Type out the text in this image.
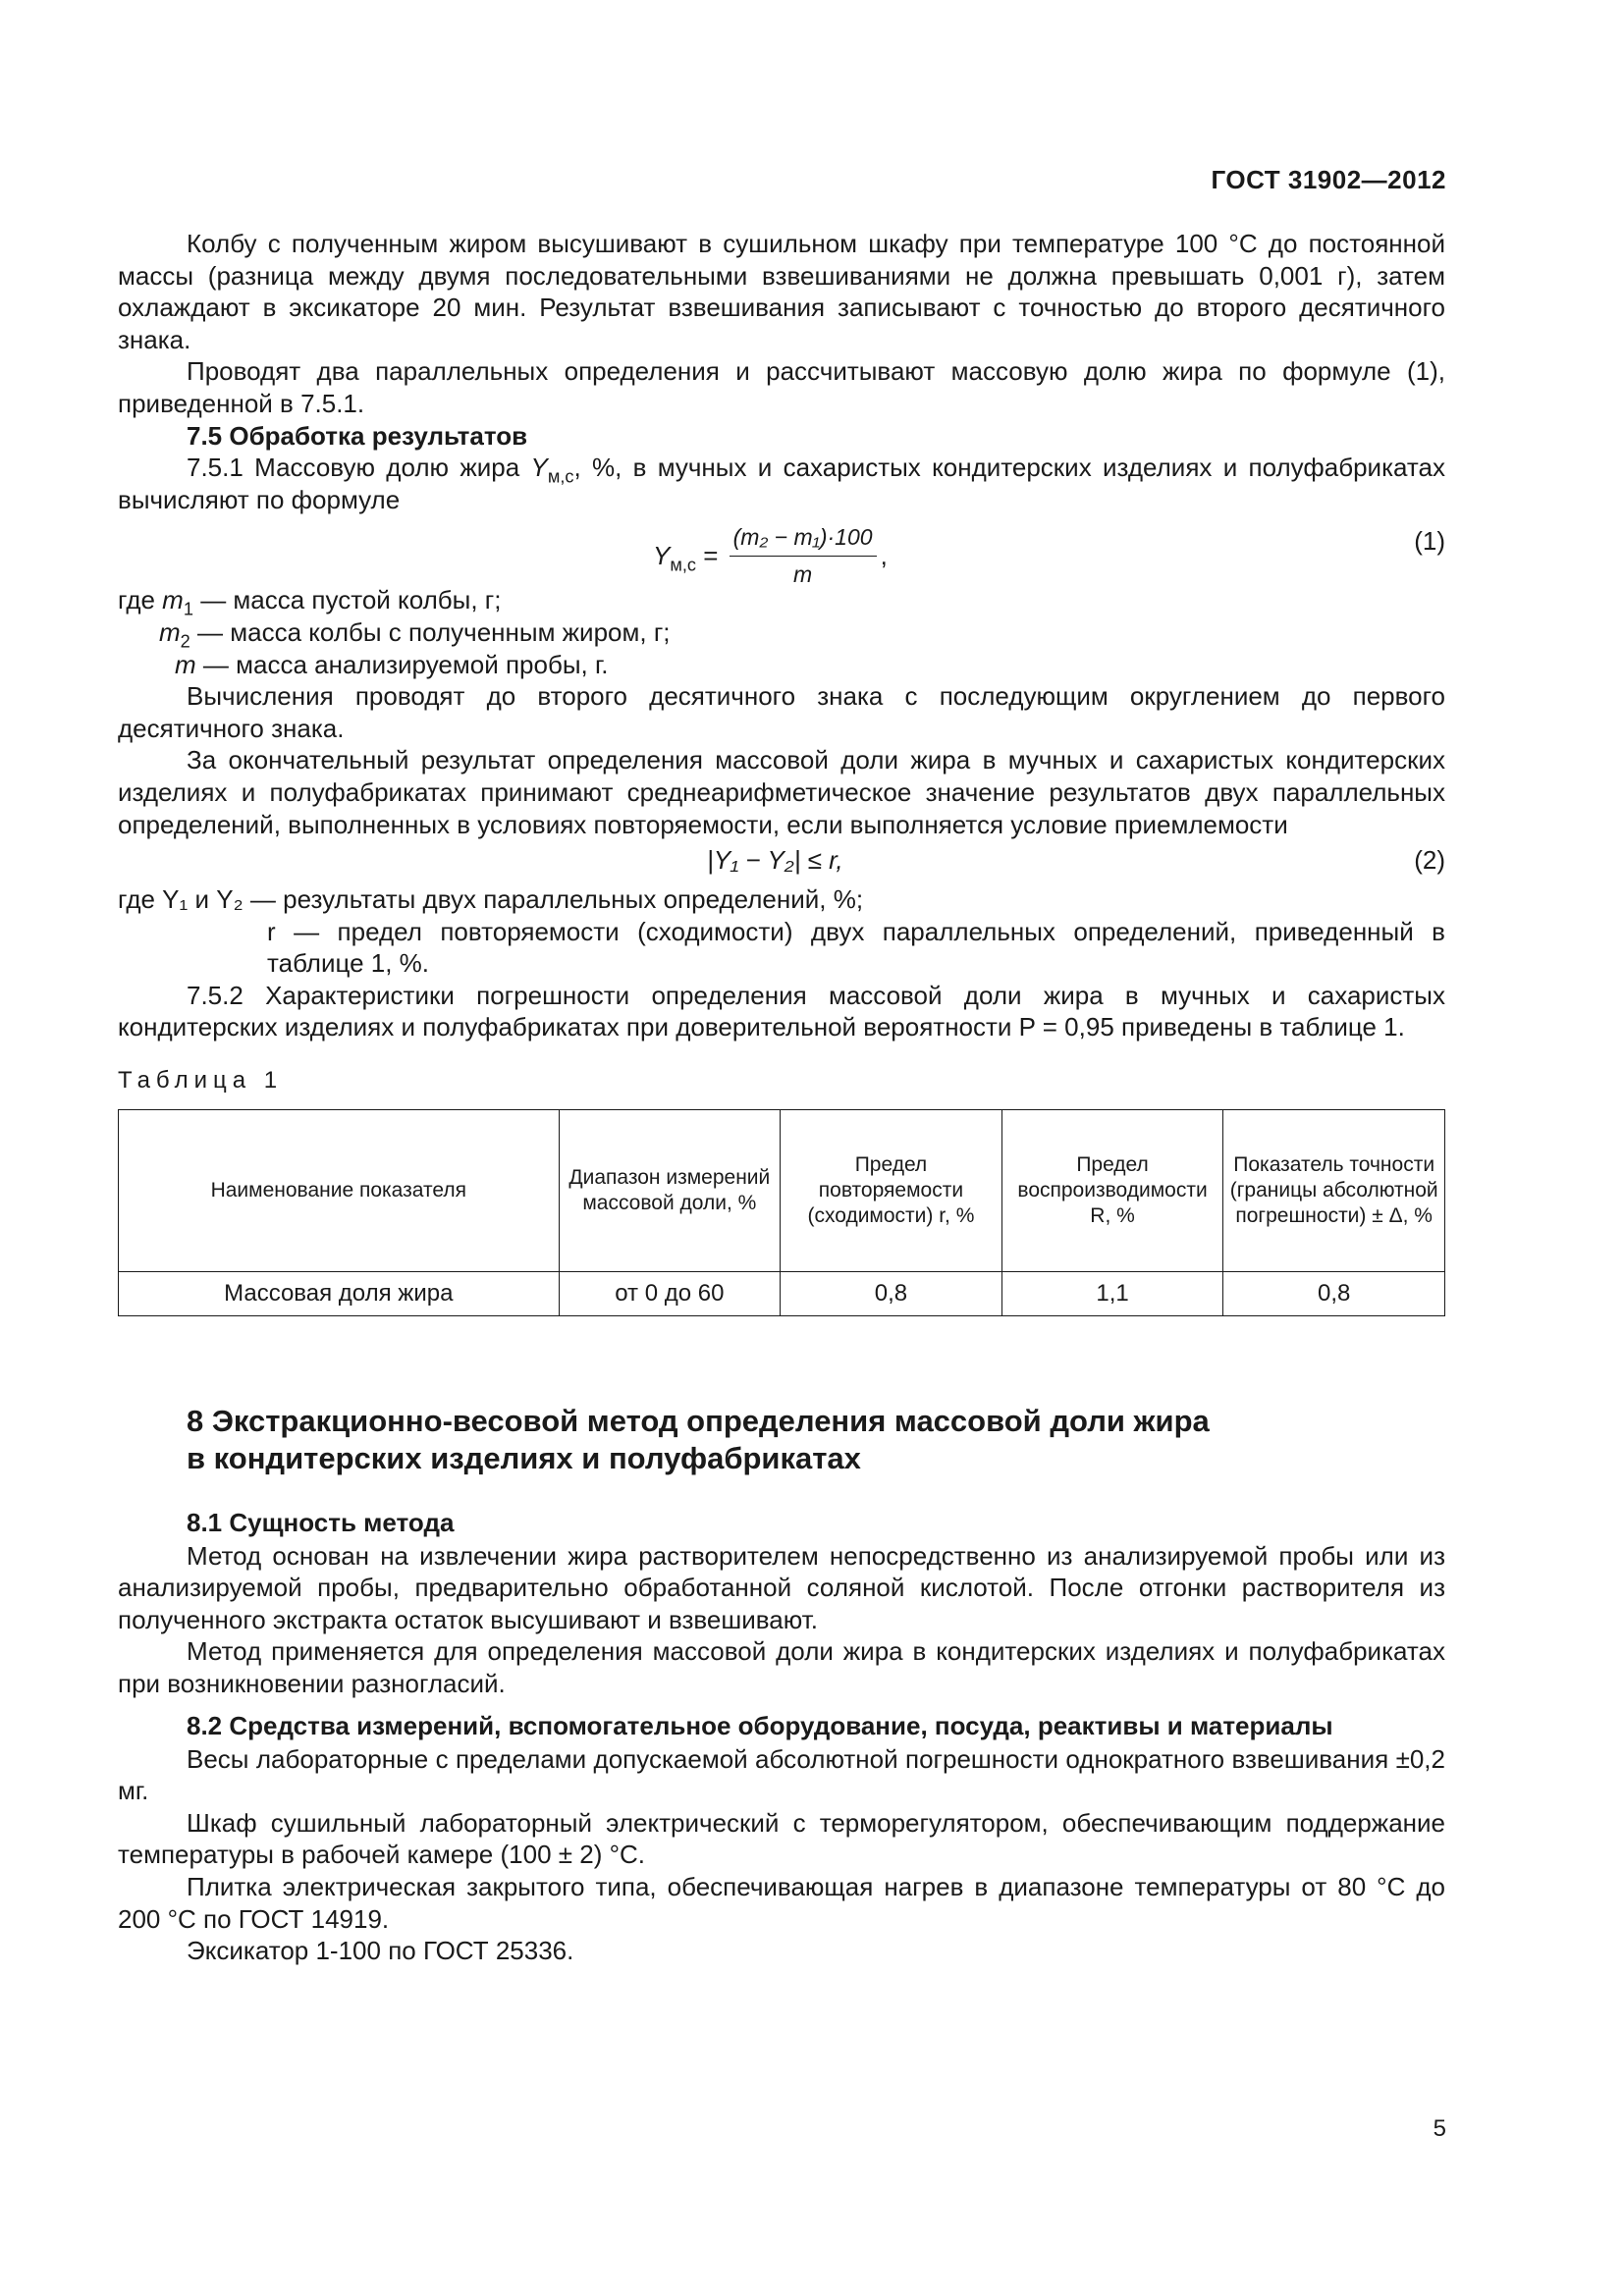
ГОСТ 31902—2012

Колбу с полученным жиром высушивают в сушильном шкафу при температуре 100 °С до постоянной массы (разница между двумя последовательными взвешиваниями не должна превышать 0,001 г), затем охлаждают в эксикаторе 20 мин. Результат взвешивания записывают с точностью до второго десятичного знака.

Проводят два параллельных определения и рассчитывают массовую долю жира по формуле (1), приведенной в 7.5.1.

7.5 Обработка результатов

7.5.1 Массовую долю жира $Y_{м,с}$, %, в мучных и сахаристых кондитерских изделиях и полуфабрикатах вычисляют по формуле

$Y_{м,с} = \frac{\text{(m₂ − m₁)·100}}{m}$ ,	(1)

где $m_1$ — масса пустой колбы, г;

$m_2$ — масса колбы с полученным жиром, г;

m — масса анализируемой пробы, г.

Вычисления проводят до второго десятичного знака с последующим округлением до первого десятичного знака.

За окончательный результат определения массовой доли жира в мучных и сахаристых кондитерских изделиях и полуфабрикатах принимают среднеарифметическое значение результатов двух параллельных определений, выполненных в условиях повторяемости, если выполняется условие приемлемости

|Y₁ − Y₂| ≤ r,	(2)

где Y₁ и Y₂ — результаты двух параллельных определений, %;

r — предел повторяемости (сходимости) двух параллельных определений, приведенный в таблице 1, %.

7.5.2 Характеристики погрешности определения массовой доли жира в мучных и сахаристых кондитерских изделиях и полуфабрикатах при доверительной вероятности P = 0,95 приведены в таблице 1.

Таблица 1
Наименование показателя	Диапазон измерений массовой доли, %	Предел повторяемости (сходимости) r, %	Предел воспроизводимости R, %	Показатель точности (границы абсолютной погрешности) ± Δ, %
Массовая доля жира	от 0 до 60	0,8	1,1	0,8
8 Экстракционно-весовой метод определения массовой доли жира
в кондитерских изделиях и полуфабрикатах
8.1 Сущность метода

Метод основан на извлечении жира растворителем непосредственно из анализируемой пробы или из анализируемой пробы, предварительно обработанной соляной кислотой. После отгонки растворителя из полученного экстракта остаток высушивают и взвешивают.

Метод применяется для определения массовой доли жира в кондитерских изделиях и полуфабрикатах при возникновении разногласий.

8.2 Средства измерений, вспомогательное оборудование, посуда, реактивы и материалы

Весы лабораторные с пределами допускаемой абсолютной погрешности однократного взвешивания ±0,2 мг.

Шкаф сушильный лабораторный электрический с терморегулятором, обеспечивающим поддержание температуры в рабочей камере (100 ± 2) °С.

Плитка электрическая закрытого типа, обеспечивающая нагрев в диапазоне температуры от 80 °С до 200 °С по ГОСТ 14919.

Эксикатор 1-100 по ГОСТ 25336.

5
